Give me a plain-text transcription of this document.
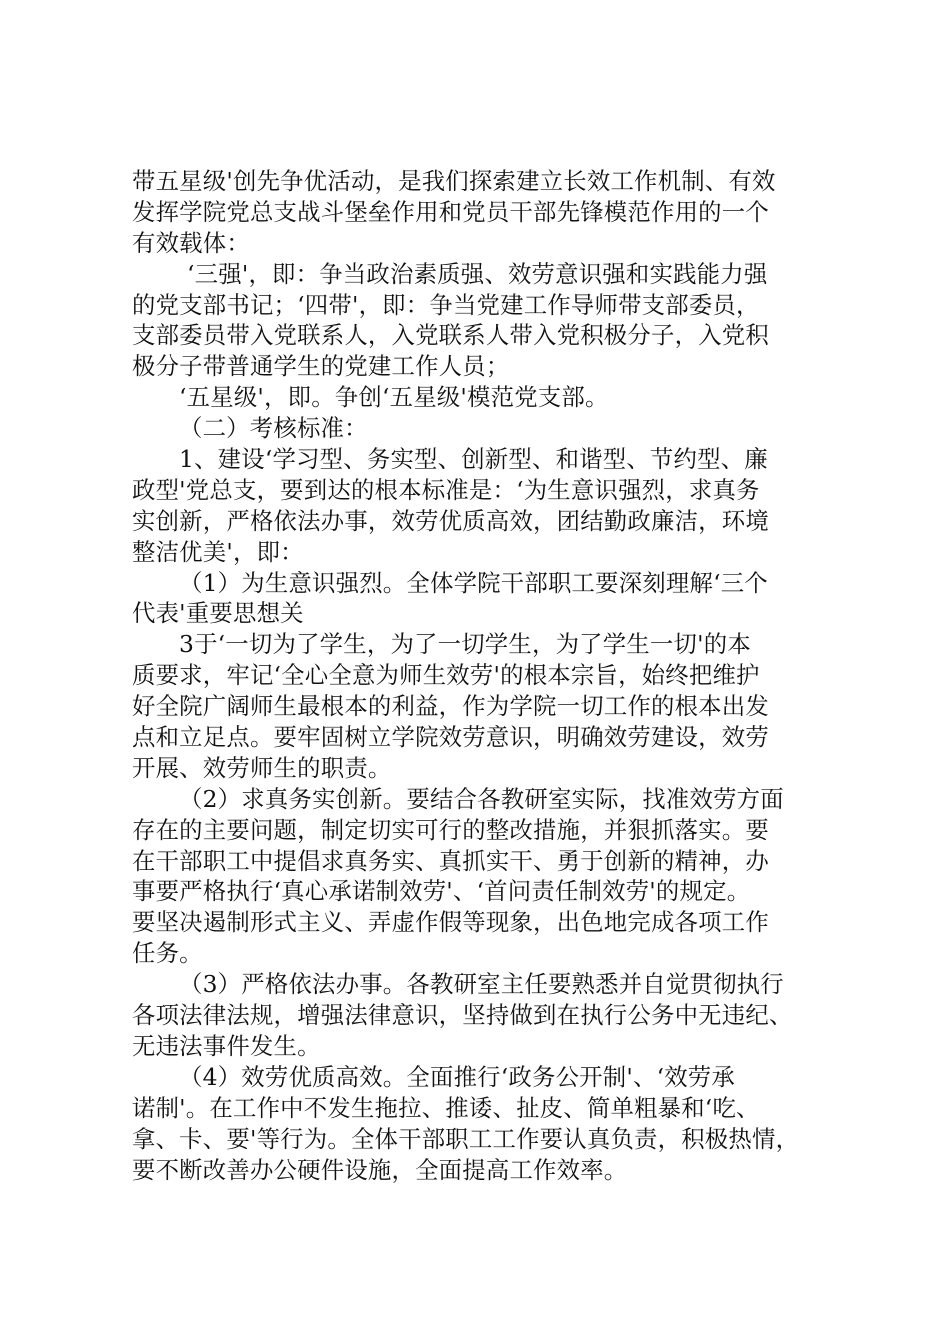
带五星级'创先争优活动，是我们探索建立长效工作机制、有效
发挥学院党总支战斗堡垒作用和党员干部先锋模范作用的一个
有效载体：
‘三强'，即：争当政治素质强、效劳意识强和实践能力强
的党支部书记；‘四带'，即：争当党建工作导师带支部委员，
支部委员带入党联系人，入党联系人带入党积极分子，入党积
极分子带普通学生的党建工作人员；
‘五星级'，即。争创‘五星级'模范党支部。
（二）考核标准：
1、建设‘学习型、务实型、创新型、和谐型、节约型、廉
政型'党总支，要到达的根本标准是：‘为生意识强烈，求真务
实创新，严格依法办事，效劳优质高效，团结勤政廉洁，环境
整洁优美'，即：
（1）为生意识强烈。全体学院干部职工要深刻理解‘三个
代表'重要思想关
3于‘一切为了学生，为了一切学生，为了学生一切'的本
质要求，牢记‘全心全意为师生效劳'的根本宗旨，始终把维护
好全院广阔师生最根本的利益，作为学院一切工作的根本出发
点和立足点。要牢固树立学院效劳意识，明确效劳建设，效劳
开展、效劳师生的职责。
（2）求真务实创新。要结合各教研室实际，找准效劳方面
存在的主要问题，制定切实可行的整改措施，并狠抓落实。要
在干部职工中提倡求真务实、真抓实干、勇于创新的精神，办
事要严格执行‘真心承诺制效劳'、‘首问责任制效劳'的规定。
要坚决遏制形式主义、弄虚作假等现象，出色地完成各项工作
任务。
（3）严格依法办事。各教研室主任要熟悉并自觉贯彻执行
各项法律法规，增强法律意识，坚持做到在执行公务中无违纪、
无违法事件发生。
（4）效劳优质高效。全面推行‘政务公开制'、‘效劳承
诺制'。在工作中不发生拖拉、推诿、扯皮、简单粗暴和‘吃、
拿、卡、要'等行为。全体干部职工工作要认真负责，积极热情，
要不断改善办公硬件设施，全面提高工作效率。
